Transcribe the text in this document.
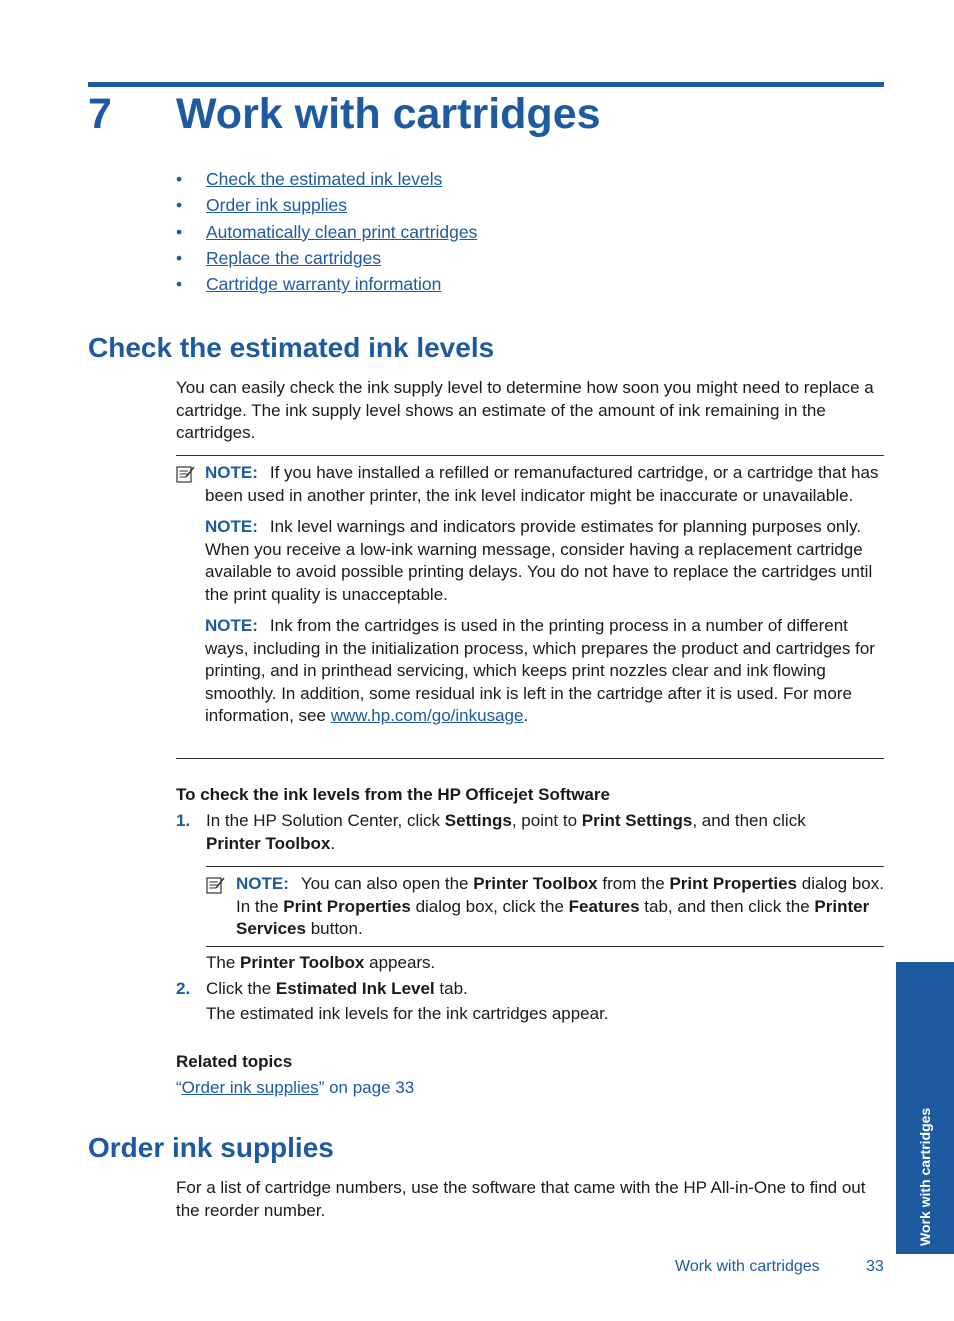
7 Work with cartridges
•	Check the estimated ink levels
•	Order ink supplies
•	Automatically clean print cartridges
•	Replace the cartridges
•	Cartridge warranty information
Check the estimated ink levels

You can easily check the ink supply level to determine how soon you might need to replace a cartridge. The ink supply level shows an estimate of the amount of ink remaining in the cartridges.

NOTE: If you have installed a refilled or remanufactured cartridge, or a cartridge that has been used in another printer, the ink level indicator might be inaccurate or unavailable.

NOTE: Ink level warnings and indicators provide estimates for planning purposes only. When you receive a low-ink warning message, consider having a replacement cartridge available to avoid possible printing delays. You do not have to replace the cartridges until the print quality is unacceptable.

NOTE: Ink from the cartridges is used in the printing process in a number of different ways, including in the initialization process, which prepares the product and cartridges for printing, and in printhead servicing, which keeps print nozzles clear and ink flowing smoothly. In addition, some residual ink is left in the cartridge after it is used. For more information, see www.hp.com/go/inkusage.

To check the ink levels from the HP Officejet Software
1. In the HP Solution Center, click Settings, point to Print Settings, and then click
Printer Toolbox.

NOTE: You can also open the Printer Toolbox from the Print Properties dialog box. In the Print Properties dialog box, click the Features tab, and then click the Printer Services button.

The Printer Toolbox appears.
2. Click the Estimated Ink Level tab.
The estimated ink levels for the ink cartridges appear.
Related topics
“Order ink supplies” on page 33
Order ink supplies

For a list of cartridge numbers, use the software that came with the HP All-in-One to find out the reorder number.	Work with cartridges
Work with cartridges	33
